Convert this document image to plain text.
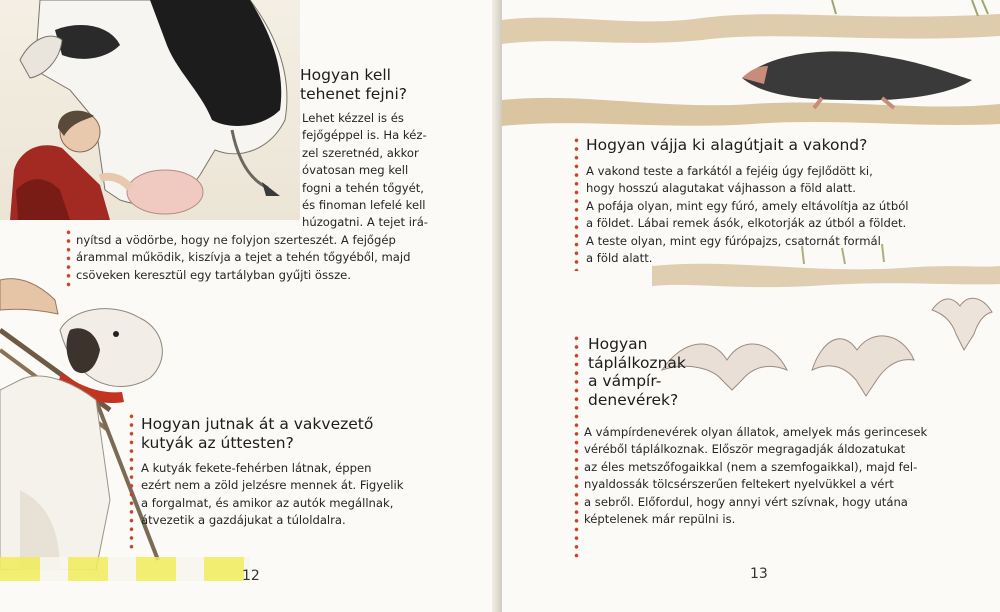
Hogyan kell
tehenet fejni?

Lehet kézzel is és
fejőgéppel is. Ha kéz-
zel szeretnéd, akkor
óvatosan meg kell
fogni a tehén tőgyét,
és finoman lefelé kell
húzogatni. A tejet irá-

nyítsd a vödörbe, hogy ne folyjon szerteszét. A fejőgép
árammal működik, kiszívja a tejet a tehén tőgyéből, majd
csöveken keresztül egy tartályban gyűjti össze.

Hogyan jutnak át a vakvezető
kutyák az úttesten?

A kutyák fekete-fehérben látnak, éppen
ezért nem a zöld jelzésre mennek át. Figyelik
a forgalmat, és amikor az autók megállnak,
átvezetik a gazdájukat a túloldalra.

12
Hogyan vájja ki alagútjait a vakond?

A vakond teste a farkától a fejéig úgy fejlődött ki,
hogy hosszú alagutakat vájhasson a föld alatt.
A pofája olyan, mint egy fúró, amely eltávolítja az útból
a földet. Lábai remek ásók, elkotorják az útból a földet.
A teste olyan, mint egy fúrópajzs, csatornát formál
a föld alatt.

Hogyan
táplálkoznak
a vámpír-
denevérek?

A vámpírdenevérek olyan állatok, amelyek más gerincesek
véréből táplálkoznak. Először megragadják áldozatukat
az éles metszőfogaikkal (nem a szemfogaikkal), majd fel-
nyaldossák tölcsérszerűen feltekert nyelvükkel a vért
a sebről. Előfordul, hogy annyi vért szívnak, hogy utána
képtelenek már repülni is.

13
